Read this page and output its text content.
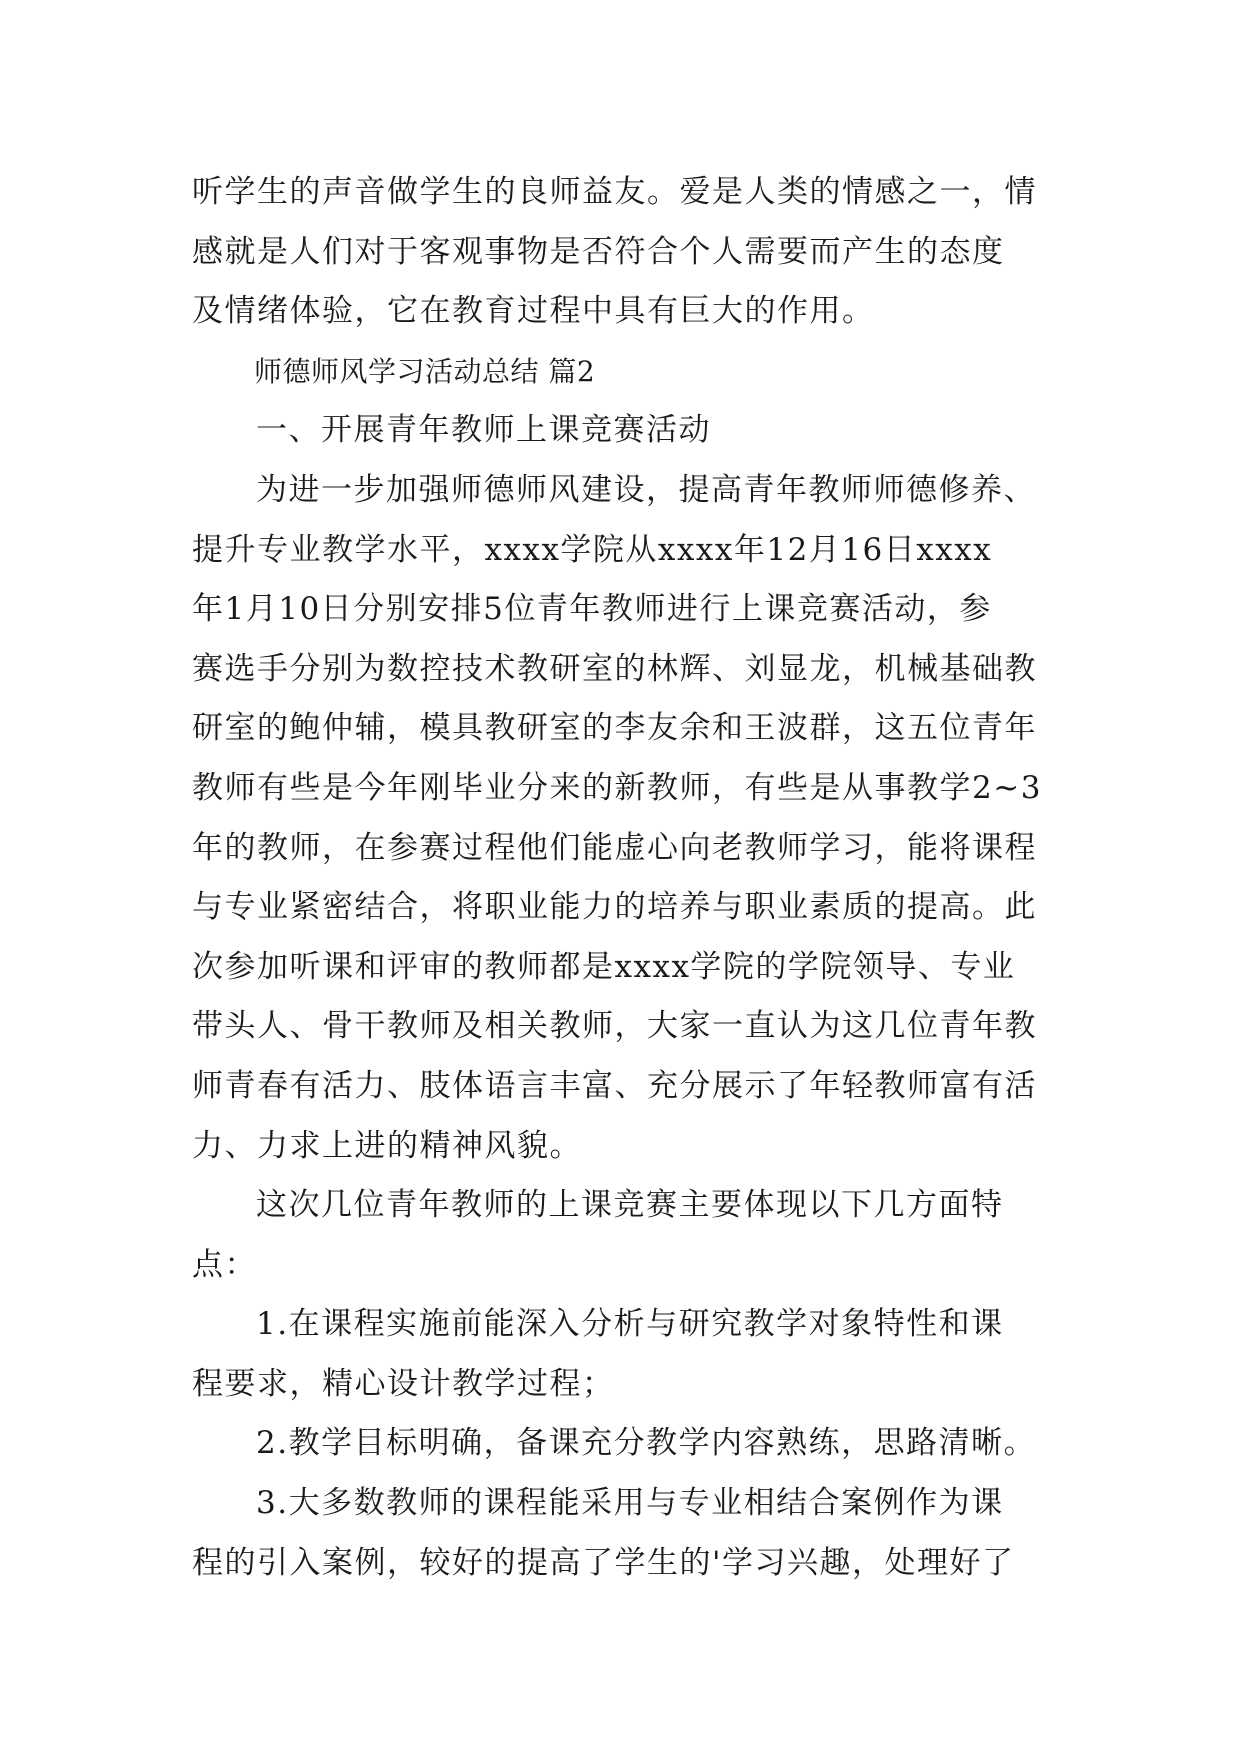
听学生的声音做学生的良师益友。爱是人类的情感之一，情
感就是人们对于客观事物是否符合个人需要而产生的态度
及情绪体验，它在教育过程中具有巨大的作用。
师德师风学习活动总结 篇2
一、开展青年教师上课竞赛活动
为进一步加强师德师风建设，提高青年教师师德修养、
提升专业教学水平，xxxx学院从xxxx年12月16日xxxx
年1月10日分别安排5位青年教师进行上课竞赛活动，参
赛选手分别为数控技术教研室的林辉、刘显龙，机械基础教
研室的鲍仲辅，模具教研室的李友余和王波群，这五位青年
教师有些是今年刚毕业分来的新教师，有些是从事教学2~3
年的教师，在参赛过程他们能虚心向老教师学习，能将课程
与专业紧密结合，将职业能力的培养与职业素质的提高。此
次参加听课和评审的教师都是xxxx学院的学院领导、专业
带头人、骨干教师及相关教师，大家一直认为这几位青年教
师青春有活力、肢体语言丰富、充分展示了年轻教师富有活
力、力求上进的精神风貌。
这次几位青年教师的上课竞赛主要体现以下几方面特
点：
1.在课程实施前能深入分析与研究教学对象特性和课
程要求，精心设计教学过程；
2.教学目标明确，备课充分教学内容熟练，思路清晰。
3.大多数教师的课程能采用与专业相结合案例作为课
程的引入案例，较好的提高了学生的'学习兴趣，处理好了
